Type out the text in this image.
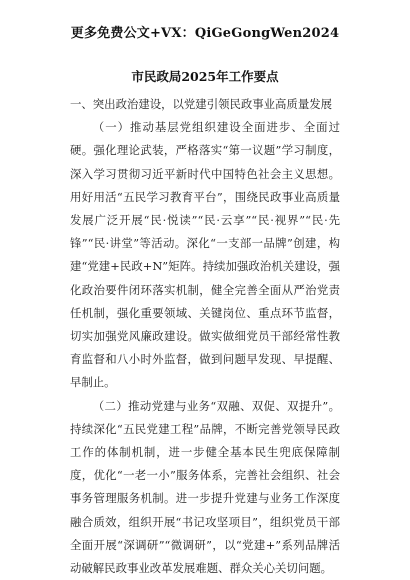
更多免费公文+VX：QiGeGongWen2024
市民政局2025年工作要点
一、突出政治建设，以党建引领民政事业高质量发展
（一）推动基层党组织建设全面进步、全面过硬。强化理论武装，严格落实“第一议题”学习制度，深入学习贯彻习近平新时代中国特色社会主义思想。用好用活“五民学习教育平台”，围绕民政事业高质量发展广泛开展“民·悦读”“民·云享”“民·视界”“民·先锋”“民·讲堂”等活动。深化“一支部一品牌”创建，构建“党建+民政+N”矩阵。持续加强政治机关建设，强化政治要件闭环落实机制，健全完善全面从严治党责任机制，强化重要领域、关键岗位、重点环节监督，切实加强党风廉政建设。做实做细党员干部经常性教育监督和八小时外监督，做到问题早发现、早提醒、早制止。
（二）推动党建与业务“双融、双促、双提升”。持续深化“五民党建工程”品牌，不断完善党领导民政工作的体制机制，进一步健全基本民生兜底保障制度，优化“一老一小”服务体系，完善社会组织、社会事务管理服务机制。进一步提升党建与业务工作深度融合质效，组织开展“书记攻坚项目”，组织党员干部全面开展“深调研”“微调研”，以“党建+”系列品牌活动破解民政事业改革发展难题、群众关心关切问题。
